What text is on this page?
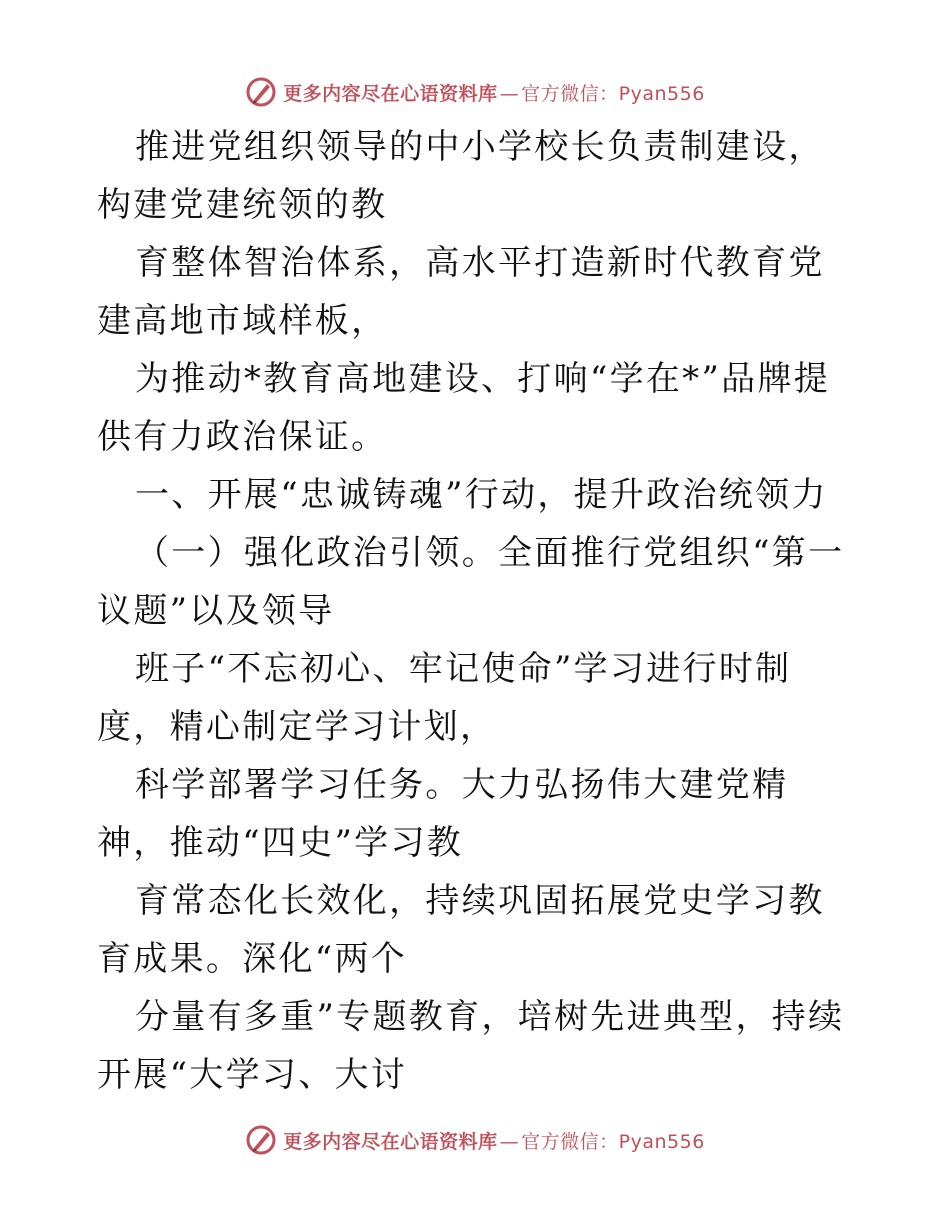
更多内容尽在心语资料库 — 官方微信：Pyan556

推进党组织领导的中小学校长负责制建设，构建党建统领的教

育整体智治体系，高水平打造新时代教育党建高地市域样板，

为推动*教育高地建设、打响“学在*”品牌提供有力政治保证。

一、开展“忠诚铸魂”行动，提升政治统领力

（一）强化政治引领。全面推行党组织“第一议题”以及领导

班子“不忘初心、牢记使命”学习进行时制度，精心制定学习计划，

科学部署学习任务。大力弘扬伟大建党精神，推动“四史”学习教

育常态化长效化，持续巩固拓展党史学习教育成果。深化“两个

分量有多重”专题教育，培树先进典型，持续开展“大学习、大讨

更多内容尽在心语资料库 — 官方微信：Pyan556
